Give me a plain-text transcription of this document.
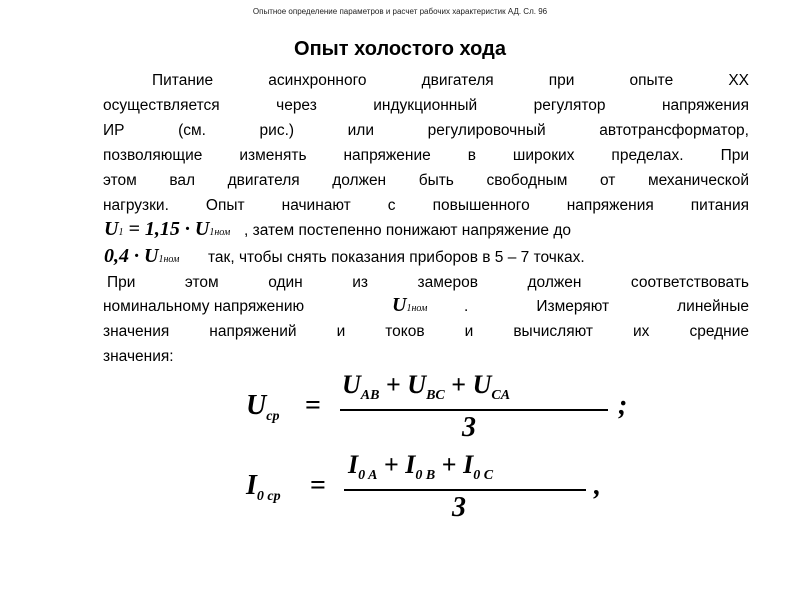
Опытное определение параметров и расчет рабочих характеристик АД. Сл. 96
Опыт холостого хода
Питание асинхронного двигателя при опыте ХХ
осуществляется через индукционный регулятор напряжения
ИР (см. рис.) или регулировочный автотрансформатор,
позволяющие изменять напряжение в широких пределах. При
этом вал двигателя должен быть свободным от механической
нагрузки. Опыт начинают с повышенного напряжения питания
U1 = 1,15 · U1ном , затем постепенно понижают напряжение до
0,4 · U1ном так, чтобы снять показания приборов в 5 – 7 точках.
При этом один из замеров должен соответствовать
номинальному напряжению	U1ном . Измеряют линейные
значения напряжений и токов и вычисляют их средние
значения:
$U_{ср}$ =
$U_{AB} + U_{BC} + U_{CA}$
3
;
$I_{0 ср}$ =
$I_{0 A} + I_{0 B} + I_{0 C}$
3
,
